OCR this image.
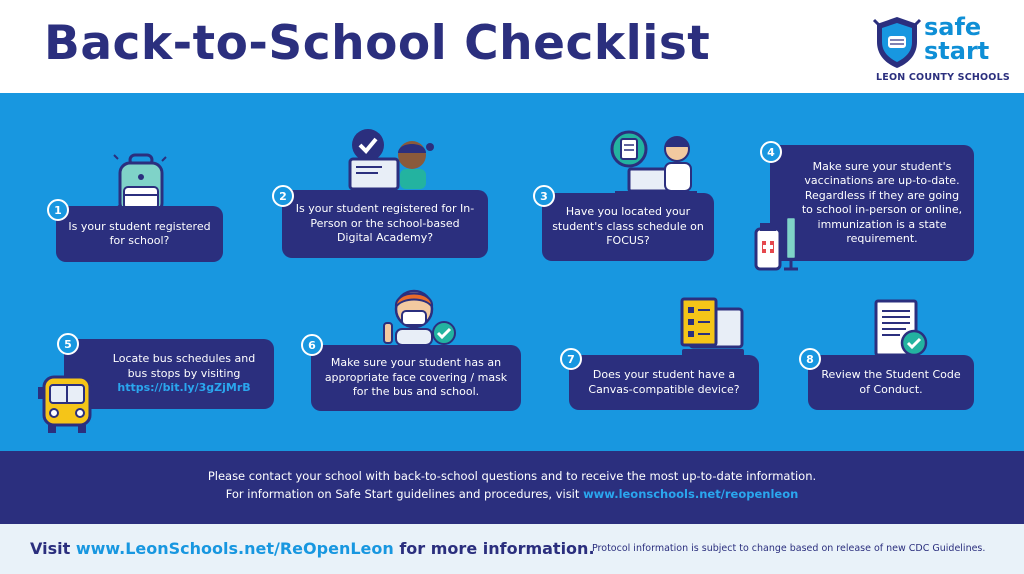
Back-to-School Checklist	safe
start
LEON COUNTY SCHOOLS
Is your student registered for school?
1	Is your student registered for In-Person or the school-based Digital Academy?
2
Have you located your student's class schedule on FOCUS?
3
Make sure your student's vaccinations are up-to-date. Regardless if they are going to school in-person or online, immunization is a state requirement.
4
Locate bus schedules and bus stops by visiting
https://bit.ly/3gZjMrB
5
Make sure your student has an appropriate face covering / mask for the bus and school.
6
Does your student have a Canvas-compatible device?
7
Review the Student Code of Conduct.
8
Please contact your school with back-to-school questions and to receive the most up-to-date information.
For information on Safe Start guidelines and procedures, visit www.leonschools.net/reopenleon
Visit www.LeonSchools.net/ReOpenLeon for more information.
Protocol information is subject to change based on release of new CDC Guidelines.
